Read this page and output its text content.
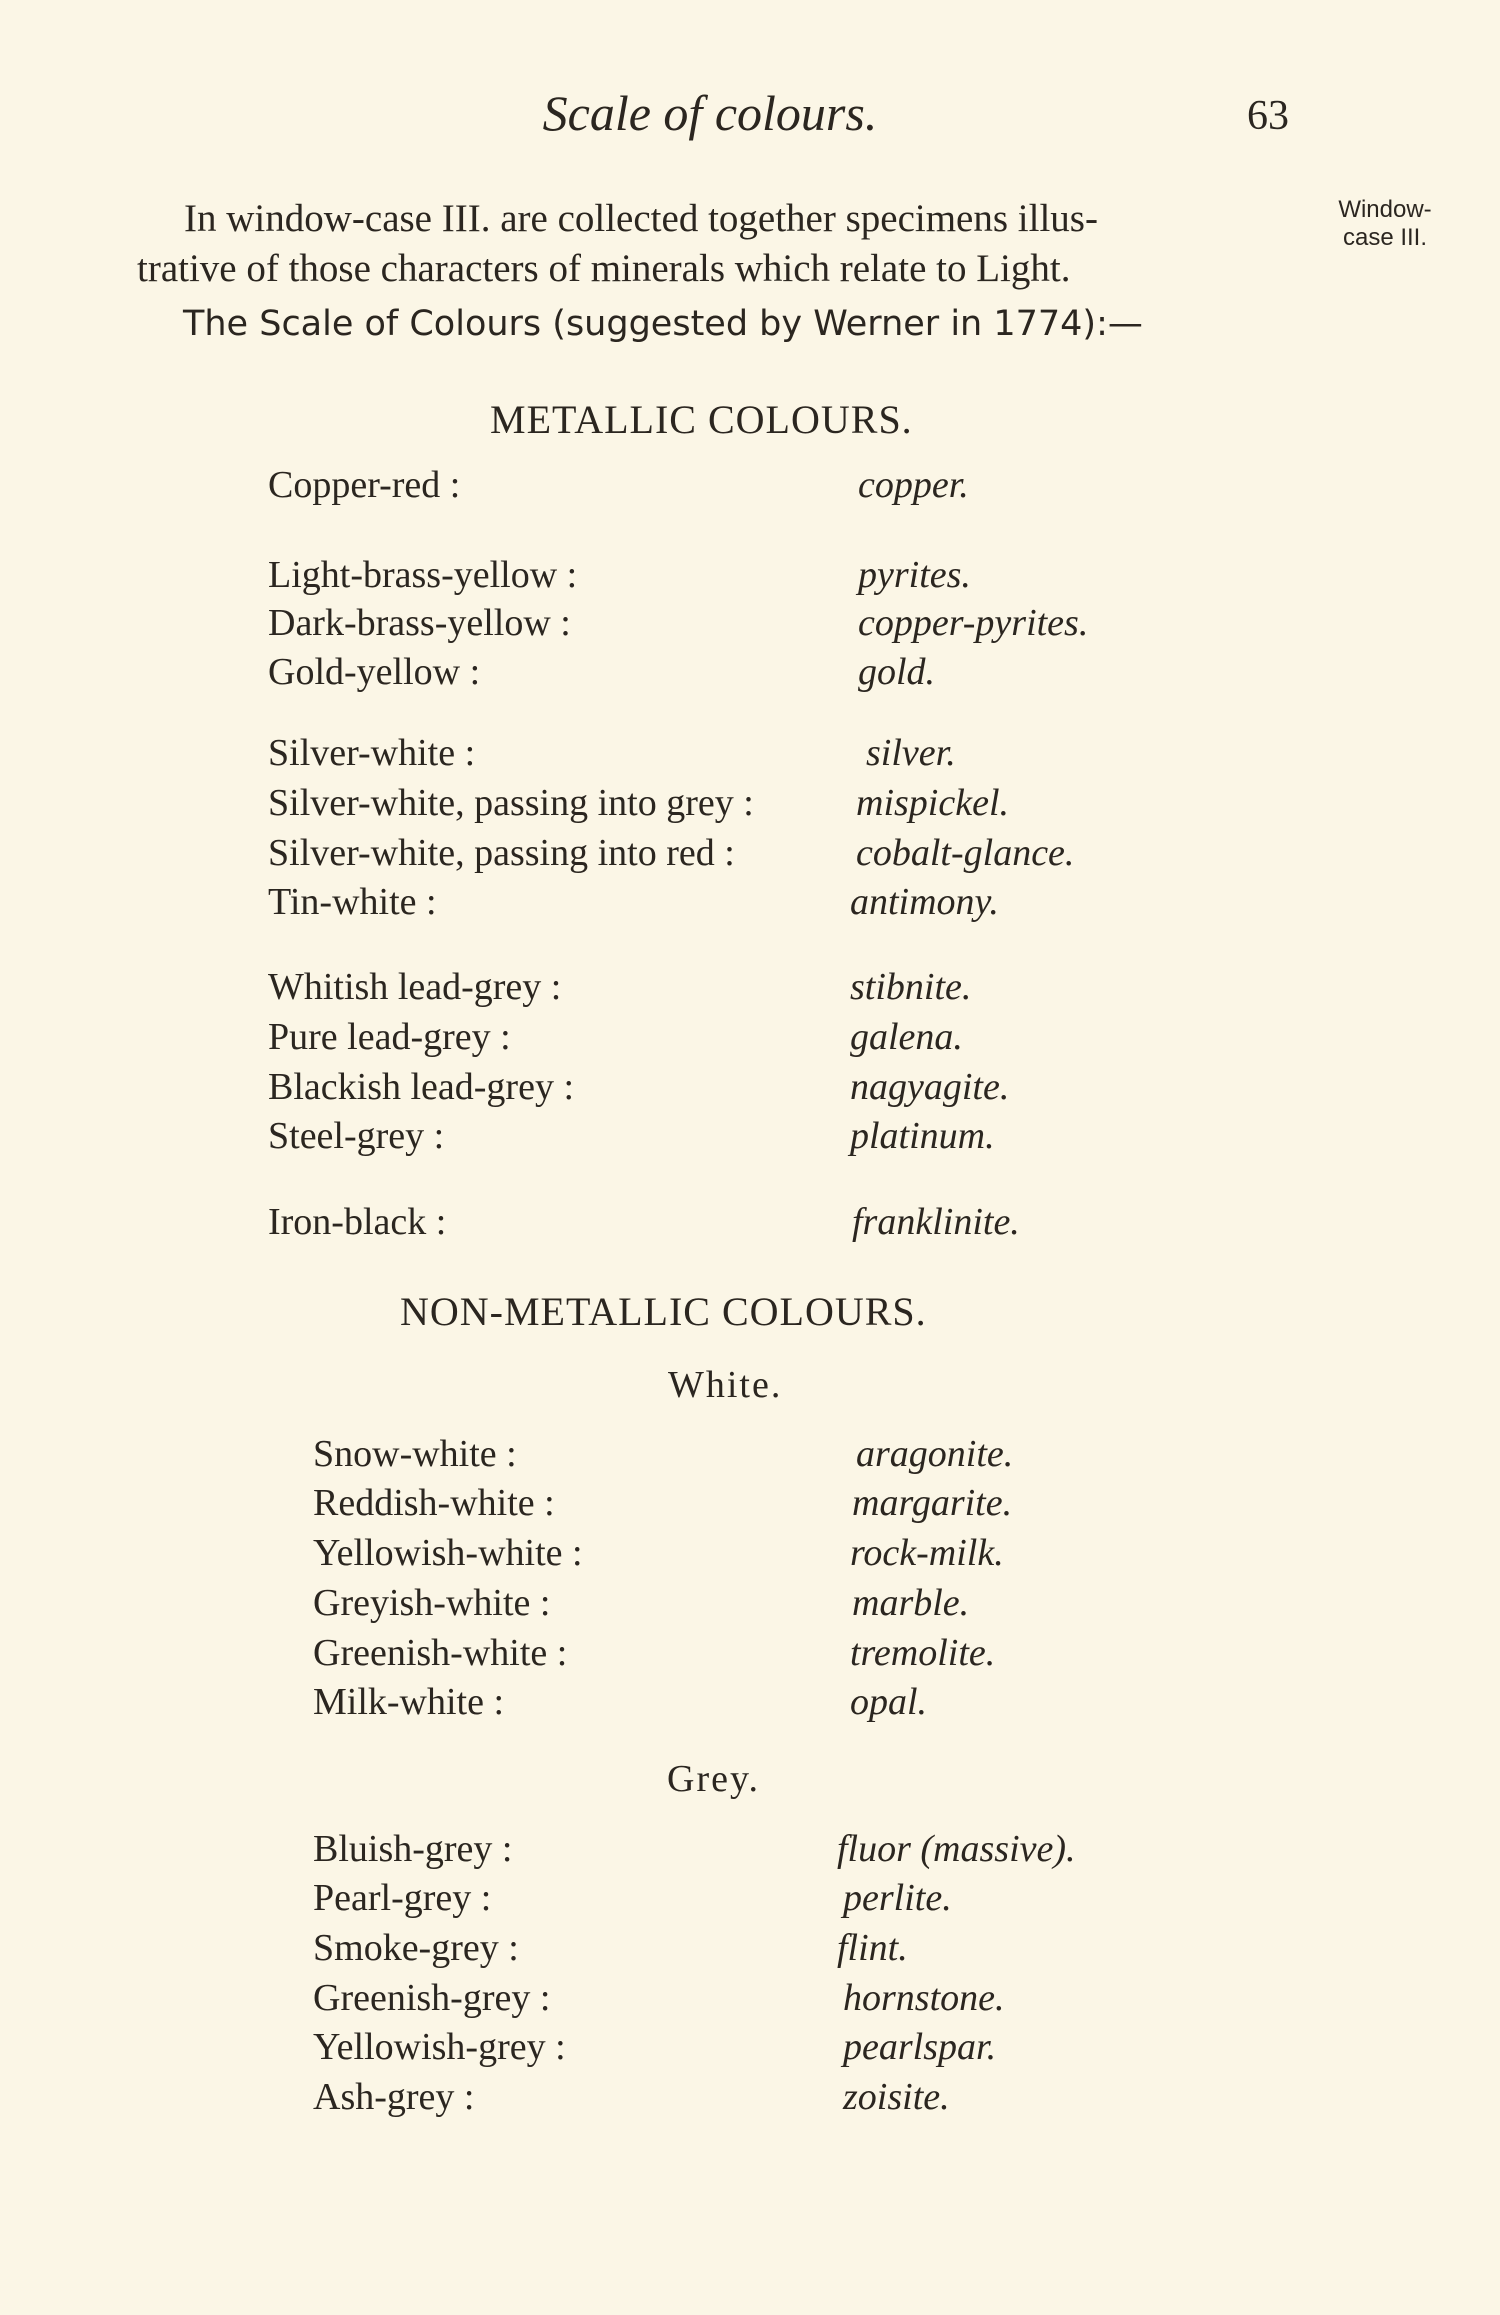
Scale of colours.	63
Window-
case III.
In window-case III. are collected together specimens illus-
trative of those characters of minerals which relate to Light.
The Scale of Colours (suggested by Werner in 1774):—
METALLIC COLOURS.
Copper-red :	copper.
Light-brass-yellow :	pyrites.
Dark-brass-yellow :	copper-pyrites.
Gold-yellow :	gold.
Silver-white :	silver.
Silver-white, passing into grey :	mispickel.
Silver-white, passing into red :	cobalt-glance.
Tin-white :	antimony.
Whitish lead-grey :	stibnite.
Pure lead-grey :	galena.
Blackish lead-grey :	nagyagite.
Steel-grey :	platinum.
Iron-black :	franklinite.
NON-METALLIC COLOURS.
White.
Snow-white :	aragonite.
Reddish-white :	margarite.
Yellowish-white :	rock-milk.
Greyish-white :	marble.
Greenish-white :	tremolite.
Milk-white :	opal.
Grey.
Bluish-grey :	fluor (massive).
Pearl-grey :	perlite.
Smoke-grey :	flint.
Greenish-grey :	hornstone.
Yellowish-grey :	pearlspar.
Ash-grey :	zoisite.
